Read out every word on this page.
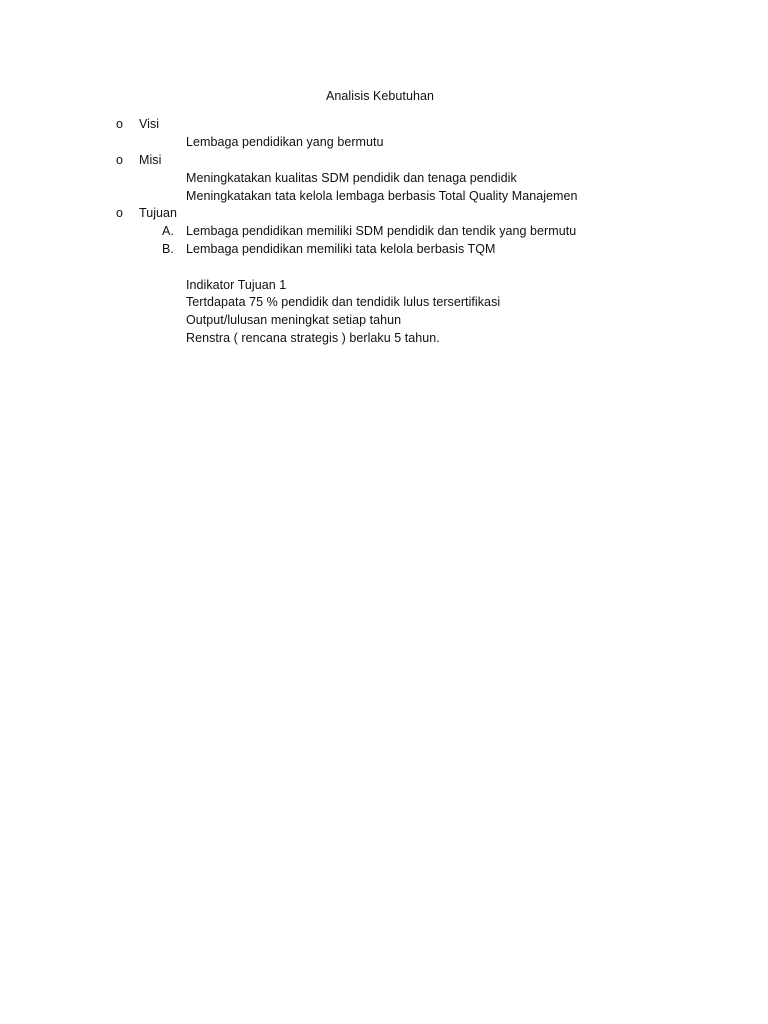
Analisis Kebutuhan
o	Visi
Lembaga pendidikan yang bermutu
o	Misi
Meningkatakan kualitas SDM pendidik dan tenaga pendidik
Meningkatakan tata kelola lembaga berbasis Total Quality Manajemen
o	Tujuan
A. Lembaga pendidikan memiliki SDM pendidik dan tendik yang bermutu
B. Lembaga pendidikan memiliki tata kelola berbasis TQM
Indikator Tujuan 1
Tertdapata 75 % pendidik dan tendidik lulus tersertifikasi
Output/lulusan meningkat setiap tahun
Renstra ( rencana strategis ) berlaku 5 tahun.
